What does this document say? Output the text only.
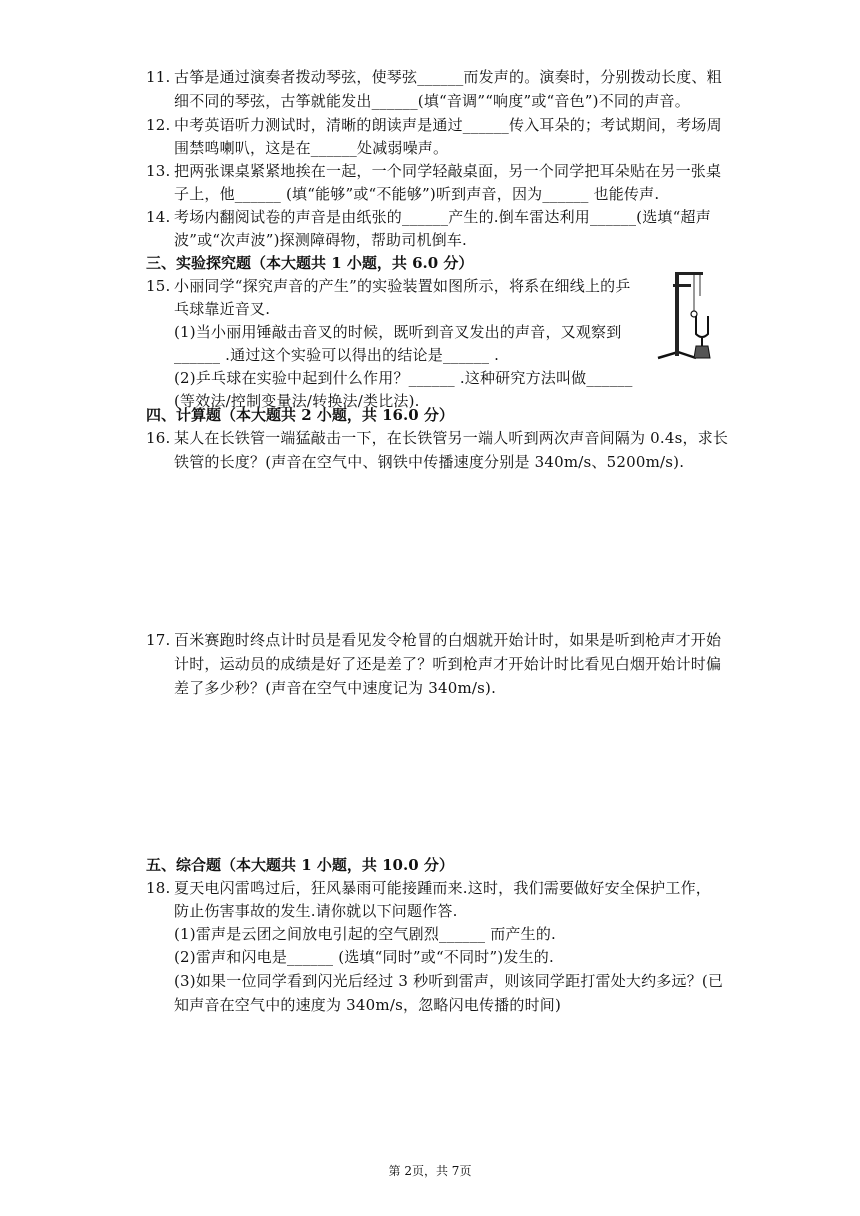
11. 古筝是通过演奏者拨动琴弦，使琴弦______而发声的。演奏时，分别拨动长度、粗
细不同的琴弦，古筝就能发出______(填“音调”“响度”或“音色”)不同的声音。
12. 中考英语听力测试时，清晰的朗读声是通过______传入耳朵的；考试期间，考场周
围禁鸣喇叭，这是在______处减弱噪声。
13. 把两张课桌紧紧地挨在一起，一个同学轻敲桌面，另一个同学把耳朵贴在另一张桌
子上，他______ (填“能够”或“不能够”)听到声音，因为______ 也能传声.
14. 考场内翻阅试卷的声音是由纸张的______产生的.倒车雷达利用______(选填“超声
波”或“次声波”)探测障碍物，帮助司机倒车.
三、实验探究题（本大题共 1 小题，共 6.0 分）
15. 小丽同学“探究声音的产生”的实验装置如图所示，将系在细线上的乒
乓球靠近音叉.
(1)当小丽用锤敲击音叉的时候，既听到音叉发出的声音，又观察到
______ .通过这个实验可以得出的结论是______ .
(2)乒乓球在实验中起到什么作用？______ .这种研究方法叫做______
(等效法/控制变量法/转换法/类比法).
四、计算题（本大题共 2 小题，共 16.0 分）
16. 某人在长铁管一端猛敲击一下，在长铁管另一端人听到两次声音间隔为 0.4s，求长
铁管的长度？(声音在空气中、钢铁中传播速度分别是 340m/s、5200m/s).
17. 百米赛跑时终点计时员是看见发令枪冒的白烟就开始计时，如果是听到枪声才开始
计时，运动员的成绩是好了还是差了？听到枪声才开始计时比看见白烟开始计时偏
差了多少秒？(声音在空气中速度记为 340m/s).
五、综合题（本大题共 1 小题，共 10.0 分）
18. 夏天电闪雷鸣过后，狂风暴雨可能接踵而来.这时，我们需要做好安全保护工作，
防止伤害事故的发生.请你就以下问题作答.
(1)雷声是云团之间放电引起的空气剧烈______ 而产生的.
(2)雷声和闪电是______ (选填“同时”或“不同时”)发生的.
(3)如果一位同学看到闪光后经过 3 秒听到雷声，则该同学距打雷处大约多远？(已
知声音在空气中的速度为 340m/s，忽略闪电传播的时间)
第 2页，共 7页
